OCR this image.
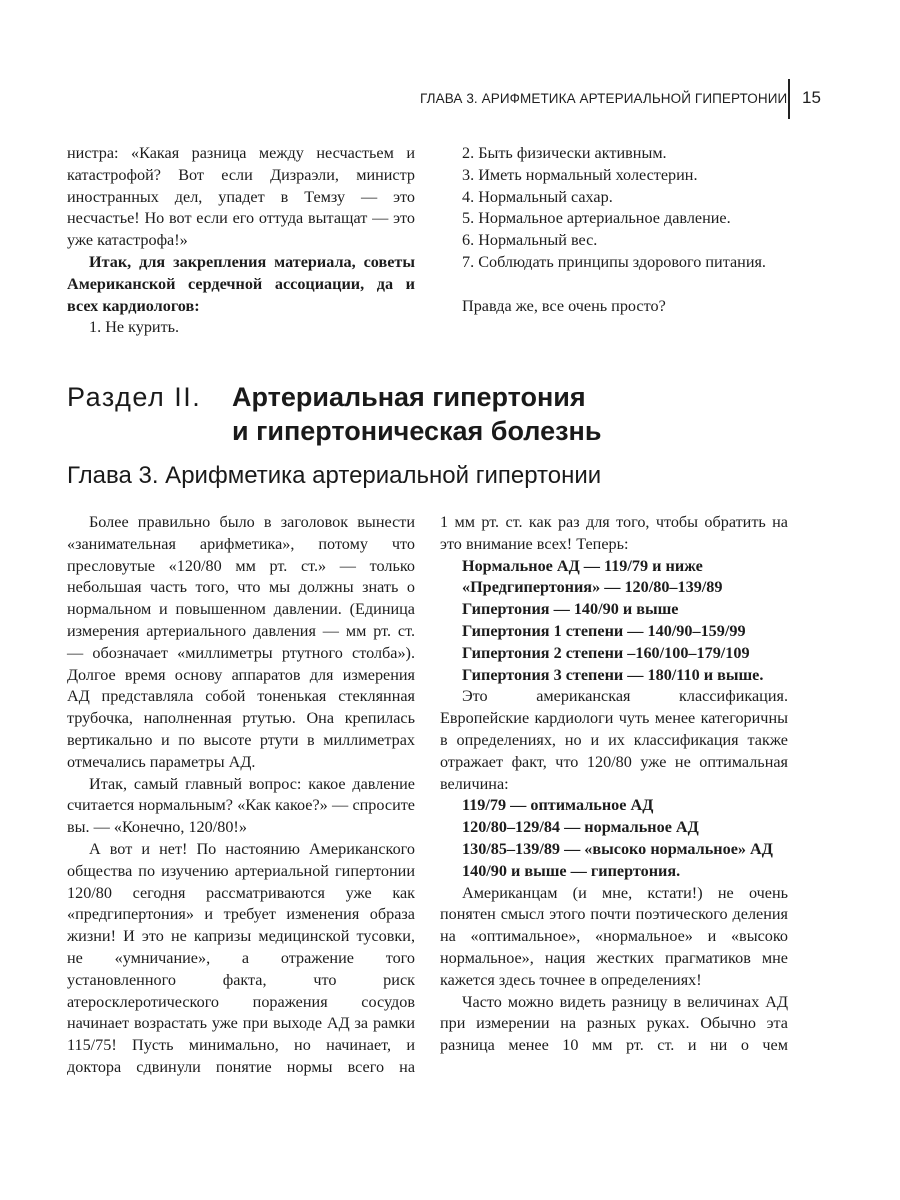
ГЛАВА 3. АРИФМЕТИКА АРТЕРИАЛЬНОЙ ГИПЕРТОНИИ 15

нистра: «Какая разница между несчастьем и катастрофой? Вот если Дизраэли, министр иностранных дел, упадет в Темзу — это несчастье! Но вот если его оттуда вытащат — это уже катастрофа!»

Итак, для закрепления материала, советы Американской сердечной ассоциации, да и всех кардиологов:

1. Не курить.

2. Быть физически активным.

3. Иметь нормальный холестерин.

4. Нормальный сахар.

5. Нормальное артериальное давление.

6. Нормальный вес.

7. Соблюдать принципы здорового питания.

Правда же, все очень просто?

Раздел II. Артериальная гипертония
и гипертоническая болезнь
Глава 3. Арифметика артериальной гипертонии

Более правильно было в заголовок вынести «занимательная арифметика», потому что пресловутые «120/80 мм рт. ст.» — только небольшая часть того, что мы должны знать о нормальном и повышенном давлении. (Единица измерения артериального давления — мм рт. ст. — обозначает «миллиметры ртутного столба»). Долгое время основу аппаратов для измерения АД представляла собой тоненькая стеклянная трубочка, наполненная ртутью. Она крепилась вертикально и по высоте ртути в миллиметрах отмечались параметры АД.

Итак, самый главный вопрос: какое давление считается нормальным? «Как какое?» — спросите вы. — «Конечно, 120/80!»

А вот и нет! По настоянию Американского общества по изучению артериальной гипертонии 120/80 сегодня рассматриваются уже как «предгипертония» и требует изменения образа жизни! И это не капризы медицинской тусовки, не «умничание», а отражение того установленного факта, что риск атеросклеротического поражения сосудов начинает возрастать уже при выходе АД за рамки 115/75! Пусть минимально, но начинает, и доктора сдвинули понятие нормы всего на

1 мм рт. ст. как раз для того, чтобы обратить на это внимание всех! Теперь:

Нормальное АД — 119/79 и ниже

«Предгипертония» — 120/80–139/89

Гипертония — 140/90 и выше

Гипертония 1 степени — 140/90–159/99

Гипертония 2 степени –160/100–179/109

Гипертония 3 степени — 180/110 и выше.

Это американская классификация. Европейские кардиологи чуть менее категоричны в определениях, но и их классификация также отражает факт, что 120/80 уже не оптимальная величина:

119/79 — оптимальное АД

120/80–129/84 — нормальное АД

130/85–139/89 — «высоко нормальное» АД

140/90 и выше — гипертония.

Американцам (и мне, кстати!) не очень понятен смысл этого почти поэтического деления на «оптимальное», «нормальное» и «высоко нормальное», нация жестких прагматиков мне кажется здесь точнее в определениях!

Часто можно видеть разницу в величинах АД при измерении на разных руках. Обычно эта разница менее 10 мм рт. ст. и ни о чем
